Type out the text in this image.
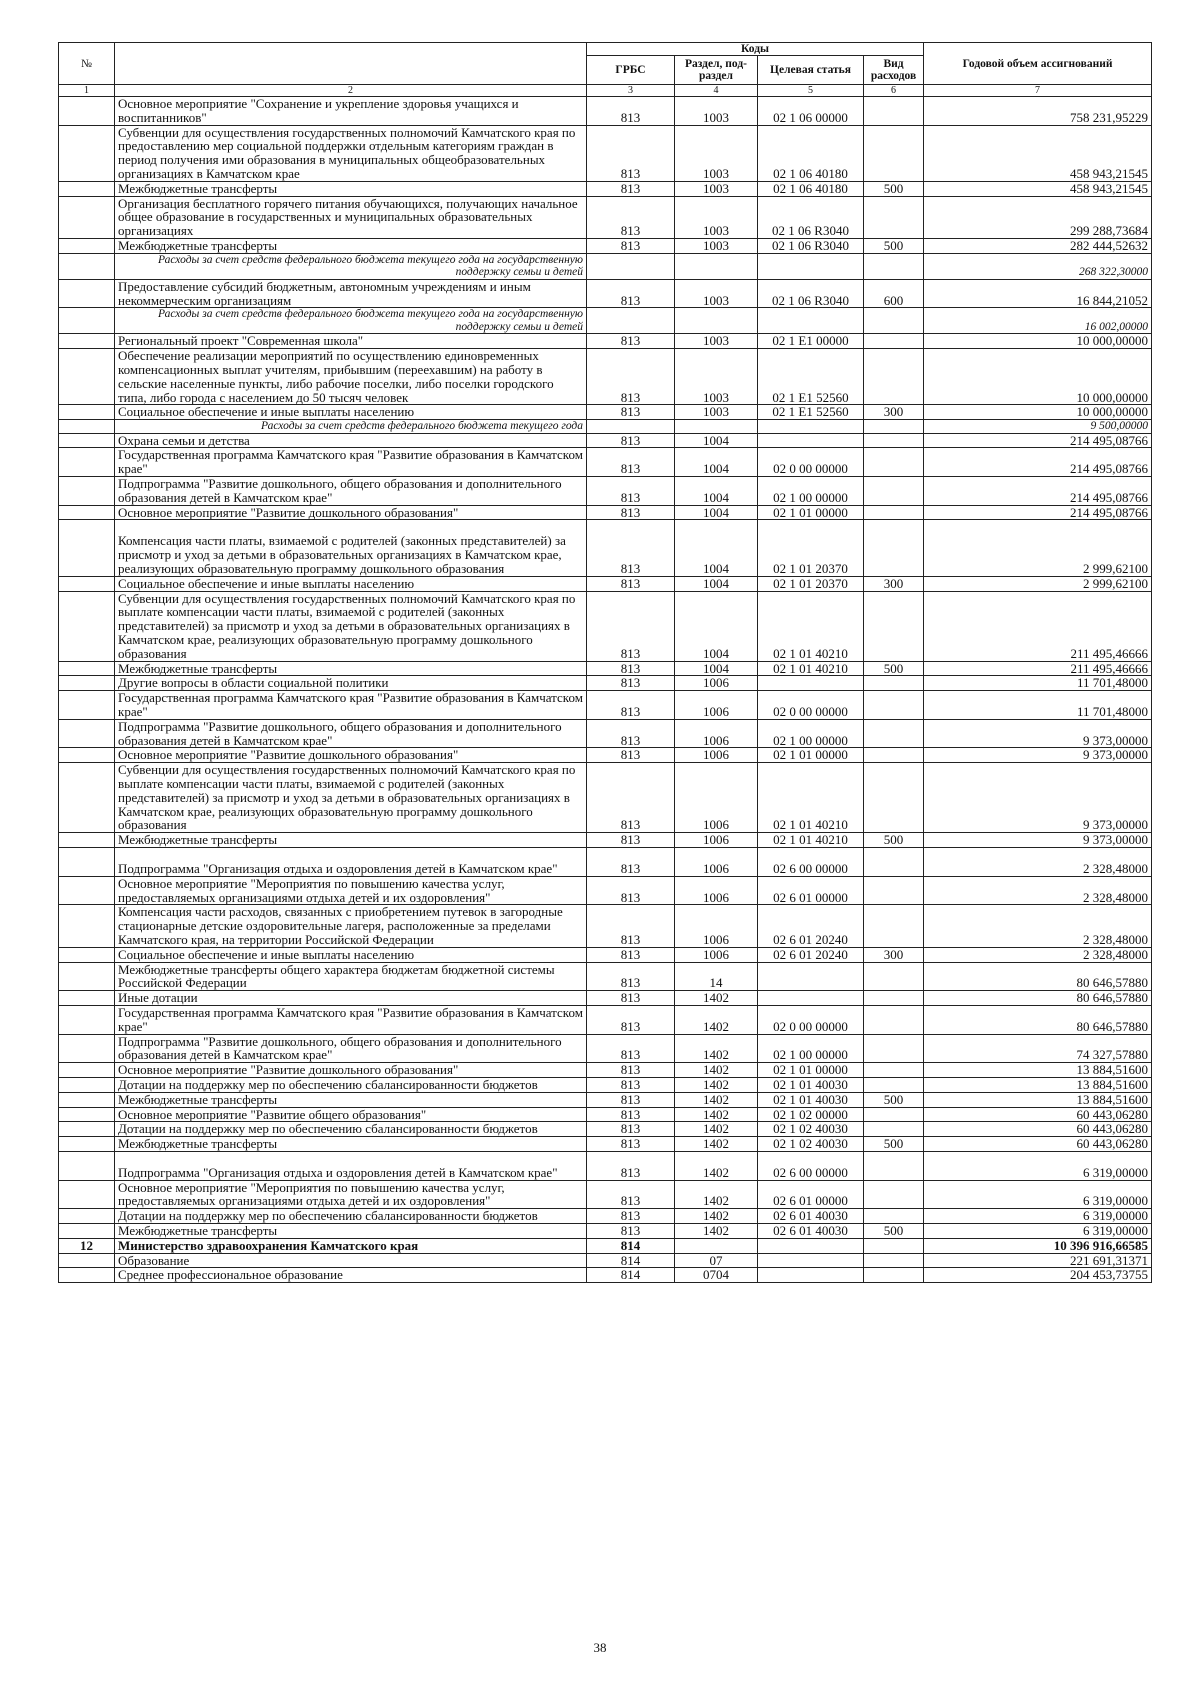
№		Коды				Годовой объем ассигнований
		ГРБС	Раздел, под-раздел	Целевая статья	Вид расходов	
1	2	3	4	5	6	7
	Основное мероприятие "Сохранение и укрепление здоровья учащихся и воспитанников"	813	1003	02 1 06 00000		758 231,95229
	Субвенции для осуществления государственных полномочий Камчатского края по предоставлению мер социальной поддержки отдельным категориям граждан в период получения ими образования в муниципальных общеобразовательных организациях в Камчатском крае	813	1003	02 1 06 40180		458 943,21545
	Межбюджетные трансферты	813	1003	02 1 06 40180	500	458 943,21545
	Организация бесплатного горячего питания обучающихся, получающих начальное общее образование в государственных и муниципальных образовательных организациях	813	1003	02 1 06 R3040		299 288,73684
	Межбюджетные трансферты	813	1003	02 1 06 R3040	500	282 444,52632
	Расходы за счет средств федерального бюджета текущего года на государственную поддержку семьи и детей					268 322,30000
	Предоставление субсидий бюджетным, автономным учреждениям и иным некоммерческим организациям	813	1003	02 1 06 R3040	600	16 844,21052
	Расходы за счет средств федерального бюджета текущего года на государственную поддержку семьи и детей					16 002,00000
	Региональный проект "Современная школа"	813	1003	02 1 E1 00000		10 000,00000
	Обеспечение реализации мероприятий по осуществлению единовременных компенсационных выплат учителям, прибывшим (переехавшим) на работу в сельские населенные пункты, либо рабочие поселки, либо поселки городского типа, либо города с населением до 50 тысяч человек	813	1003	02 1 E1 52560		10 000,00000
	Социальное обеспечение и иные выплаты населению	813	1003	02 1 E1 52560	300	10 000,00000
	Расходы за счет средств федерального бюджета текущего года					9 500,00000
	Охрана семьи и детства	813	1004			214 495,08766
	Государственная программа Камчатского края "Развитие образования в Камчатском крае"	813	1004	02 0 00 00000		214 495,08766
	Подпрограмма "Развитие дошкольного, общего образования и дополнительного образования детей в Камчатском крае"	813	1004	02 1 00 00000		214 495,08766
	Основное мероприятие "Развитие дошкольного образования"	813	1004	02 1 01 00000		214 495,08766
	Компенсация части платы, взимаемой с родителей (законных представителей) за присмотр и уход за детьми в образовательных организациях в Камчатском крае, реализующих образовательную программу дошкольного образования	813	1004	02 1 01 20370		2 999,62100
	Социальное обеспечение и иные выплаты населению	813	1004	02 1 01 20370	300	2 999,62100
	Субвенции для осуществления государственных полномочий Камчатского края по выплате компенсации части платы, взимаемой с родителей (законных представителей) за присмотр и уход за детьми в образовательных организациях в Камчатском крае, реализующих образовательную программу дошкольного образования	813	1004	02 1 01 40210		211 495,46666
	Межбюджетные трансферты	813	1004	02 1 01 40210	500	211 495,46666
	Другие вопросы в области социальной политики	813	1006			11 701,48000
	Государственная программа Камчатского края "Развитие образования в Камчатском крае"	813	1006	02 0 00 00000		11 701,48000
	Подпрограмма "Развитие дошкольного, общего образования и дополнительного образования детей в Камчатском крае"	813	1006	02 1 00 00000		9 373,00000
	Основное мероприятие "Развитие дошкольного образования"	813	1006	02 1 01 00000		9 373,00000
	Субвенции для осуществления государственных полномочий Камчатского края по выплате компенсации части платы, взимаемой с родителей (законных представителей) за присмотр и уход за детьми в образовательных организациях в Камчатском крае, реализующих образовательную программу дошкольного образования	813	1006	02 1 01 40210		9 373,00000
	Межбюджетные трансферты	813	1006	02 1 01 40210	500	9 373,00000
	Подпрограмма "Организация отдыха и оздоровления детей в Камчатском крае"	813	1006	02 6 00 00000		2 328,48000
	Основное мероприятие "Мероприятия по повышению качества услуг, предоставляемых организациями отдыха детей и их оздоровления"	813	1006	02 6 01 00000		2 328,48000
	Компенсация части расходов, связанных с приобретением путевок в загородные стационарные детские оздоровительные лагеря, расположенные за пределами Камчатского края, на территории Российской Федерации	813	1006	02 6 01 20240		2 328,48000
	Социальное обеспечение и иные выплаты населению	813	1006	02 6 01 20240	300	2 328,48000
	Межбюджетные трансферты общего характера бюджетам бюджетной системы Российской Федерации	813	14			80 646,57880
	Иные дотации	813	1402			80 646,57880
	Государственная программа Камчатского края "Развитие образования в Камчатском крае"	813	1402	02 0 00 00000		80 646,57880
	Подпрограмма "Развитие дошкольного, общего образования и дополнительного образования детей в Камчатском крае"	813	1402	02 1 00 00000		74 327,57880
	Основное мероприятие "Развитие дошкольного образования"	813	1402	02 1 01 00000		13 884,51600
	Дотации на поддержку мер по обеспечению сбалансированности бюджетов	813	1402	02 1 01 40030		13 884,51600
	Межбюджетные трансферты	813	1402	02 1 01 40030	500	13 884,51600
	Основное мероприятие "Развитие общего образования"	813	1402	02 1 02 00000		60 443,06280
	Дотации на поддержку мер по обеспечению сбалансированности бюджетов	813	1402	02 1 02 40030		60 443,06280
	Межбюджетные трансферты	813	1402	02 1 02 40030	500	60 443,06280
	Подпрограмма "Организация отдыха и оздоровления детей в Камчатском крае"	813	1402	02 6 00 00000		6 319,00000
	Основное мероприятие "Мероприятия по повышению качества услуг, предоставляемых организациями отдыха детей и их оздоровления"	813	1402	02 6 01 00000		6 319,00000
	Дотации на поддержку мер по обеспечению сбалансированности бюджетов	813	1402	02 6 01 40030		6 319,00000
	Межбюджетные трансферты	813	1402	02 6 01 40030	500	6 319,00000
12	Министерство здравоохранения Камчатского края	814				10 396 916,66585
	Образование	814	07			221 691,31371
	Среднее профессиональное образование	814	0704			204 453,73755
38
